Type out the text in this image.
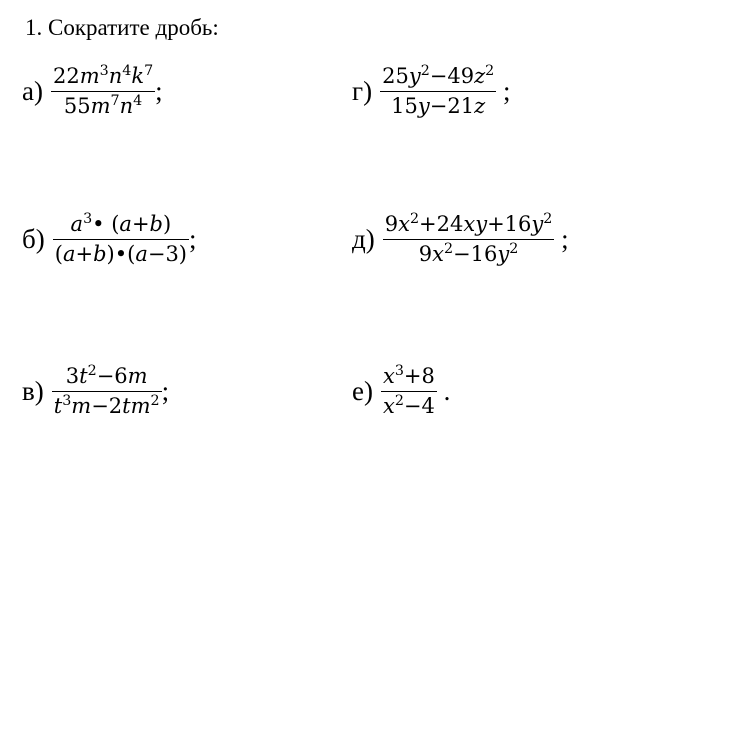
1. Сократите дробь:
$а) \frac{22m^3n^4k^7}{55m^7n^4}$ ;	$г) \frac{25y^2-49z^2}{15y-21z}$ ;
$б) \frac{a^3• (a+b)}{(a+b)•(a-3)}$ ;	$д) \frac{9x^2+24xy+16y^2}{9x^2-16y^2}$ ;
$в) \frac{3t^2-6m}{t^3m-2tm^2}$ ;	$е) \frac{x^3+8}{x^2-4}$ .
